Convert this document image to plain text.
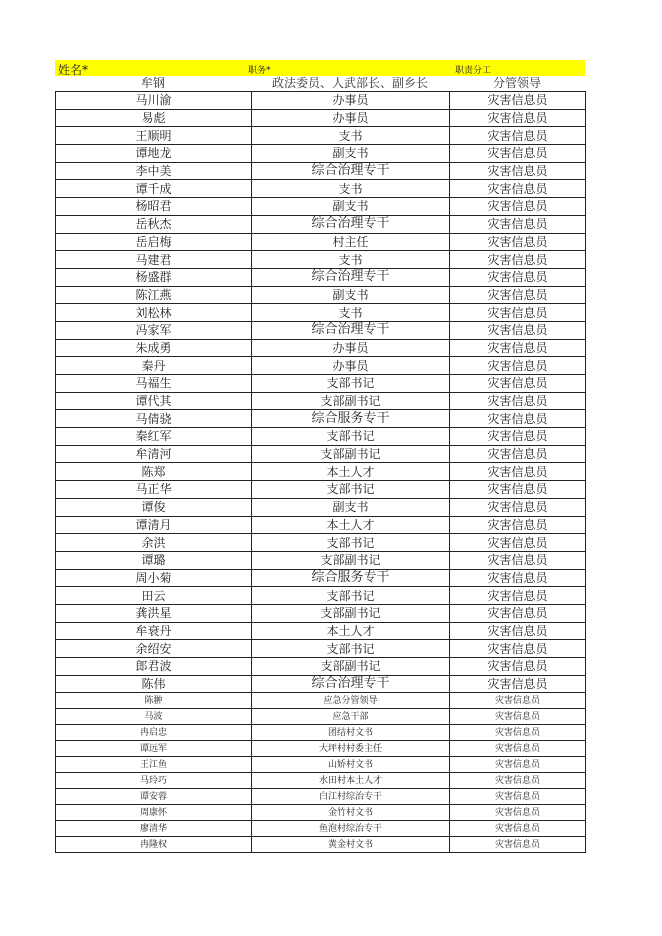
姓名*	职务*	职责分工
牟钢	政法委员、人武部长、副乡长	分管领导
马川渝	办事员	灾害信息员
易彪	办事员	灾害信息员
王顺明	支书	灾害信息员
谭地龙	副支书	灾害信息员
李中美	综合治理专干	灾害信息员
谭千成	支书	灾害信息员
杨昭君	副支书	灾害信息员
岳秋杰	综合治理专干	灾害信息员
岳启梅	村主任	灾害信息员
马建君	支书	灾害信息员
杨盛群	综合治理专干	灾害信息员
陈江燕	副支书	灾害信息员
刘松林	支书	灾害信息员
冯家军	综合治理专干	灾害信息员
朱成勇	办事员	灾害信息员
秦丹	办事员	灾害信息员
马福生	支部书记	灾害信息员
谭代其	支部副书记	灾害信息员
马倩骁	综合服务专干	灾害信息员
秦红军	支部书记	灾害信息员
牟清河	支部副书记	灾害信息员
陈郑	本土人才	灾害信息员
马正华	支部书记	灾害信息员
谭俊	副支书	灾害信息员
谭清月	本土人才	灾害信息员
余洪	支部书记	灾害信息员
谭璐	支部副书记	灾害信息员
周小菊	综合服务专干	灾害信息员
田云	支部书记	灾害信息员
龚洪星	支部副书记	灾害信息员
牟衰丹	本土人才	灾害信息员
余绍安	支部书记	灾害信息员
郎君波	支部副书记	灾害信息员
陈伟	综合治理专干	灾害信息员
陈翀	应急分管领导	灾害信息员
马波	应急干部	灾害信息员
冉启忠	团结村文书	灾害信息员
谭远军	大坪村村委主任	灾害信息员
王江鱼	山娇村文书	灾害信息员
马玲巧	水田村本土人才	灾害信息员
谭安蓉	白江村综治专干	灾害信息员
周康怀	金竹村文书	灾害信息员
廖清华	鱼泡村综治专干	灾害信息员
冉隆权	黄金村文书	灾害信息员
